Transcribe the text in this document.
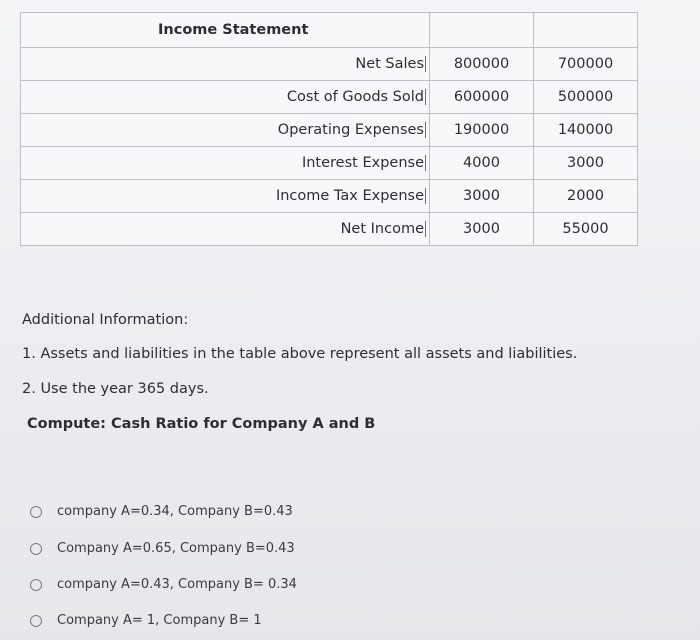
Income Statement		
Net Sales	800000	700000
Cost of Goods Sold	600000	500000
Operating Expenses	190000	140000
Interest Expense	4000	3000
Income Tax Expense	3000	2000
Net Income	3000	55000
Additional Information:
1. Assets and liabilities in the table above represent all assets and liabilities.
2. Use the year 365 days.
Compute: Cash Ratio for Company A and B
company A=0.34, Company B=0.43
Company A=0.65, Company B=0.43
company A=0.43, Company B= 0.34
Company A= 1, Company B= 1
